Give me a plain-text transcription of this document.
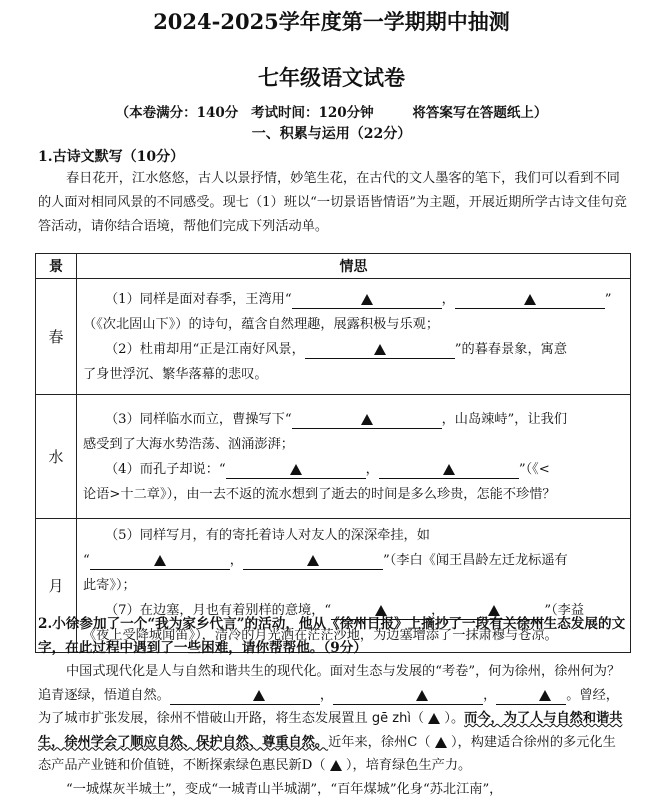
2024-2025学年度第一学期期中抽测
七年级语文试卷
（本卷满分：140分 考试时间：120分钟	将答案写在答题纸上）
一、积累与运用（22分）
1.古诗文默写（10分）
春日花开，江水悠悠，古人以景抒情，妙笔生花，在古代的文人墨客的笔下，我们可以看到不同的人面对相同风景的不同感受。现七（1）班以“一切景语皆情语”为主题，开展近期所学古诗文佳句竞答活动，请你结合语境，帮他们完成下列活动单。
景	情思
春	（1）同样是面对春季，王湾用“ ， ”
（《次北固山下》）的诗句，蕴含自然理趣，展露积极与乐观；
（2）杜甫却用“正是江南好风景， ”的暮春景象，寓意
了身世浮沉、繁华落幕的悲叹。

水	（3）同样临水而立，曹操写下“ ，山岛竦峙”，让我们
感受到了大海水势浩荡、汹涌澎湃；
（4）而孔子却说：“ ， ”（《<
论语>十二章》），由一去不返的流水想到了逝去的时间是多么珍贵，怎能不珍惜？

月	（5）同样写月，有的寄托着诗人对友人的深深牵挂，如
“ ， ”（李白《闻王昌龄左迁龙标遥有
此寄》）；
（7）在边塞，月也有着别样的意境，“ ， ”（李益
《夜上受降城闻笛》），清冷的月光洒在茫茫沙地，为边塞增添了一抹肃穆与苍凉。
2.小徐参加了一个“我为家乡代言”的活动，他从《徐州日报》上摘抄了一段有关徐州生态发展的文字，在此过程中遇到了一些困难，请你帮帮他。（9分）

中国式现代化是人与自然和谐共生的现代化。面对生态与发展的“考卷”，何为徐州，徐州何为？追青逐绿，悟道自然。	，	，	。曾经，为了城市扩张发展，徐州不惜破山开路，将生态发展置且 gē zhì（ ）。而今，为了人与自然和谐共生，徐州学会了顺应自然、保护自然、尊重自然。近年来，徐州C（ ），构建适合徐州的多元化生态产品产业链和价值链，不断探索绿色惠民新D（ ），培育绿色生产力。

“一城煤灰半城土”，变成“一城青山半城湖”，“百年煤城”化身“苏北江南”，
